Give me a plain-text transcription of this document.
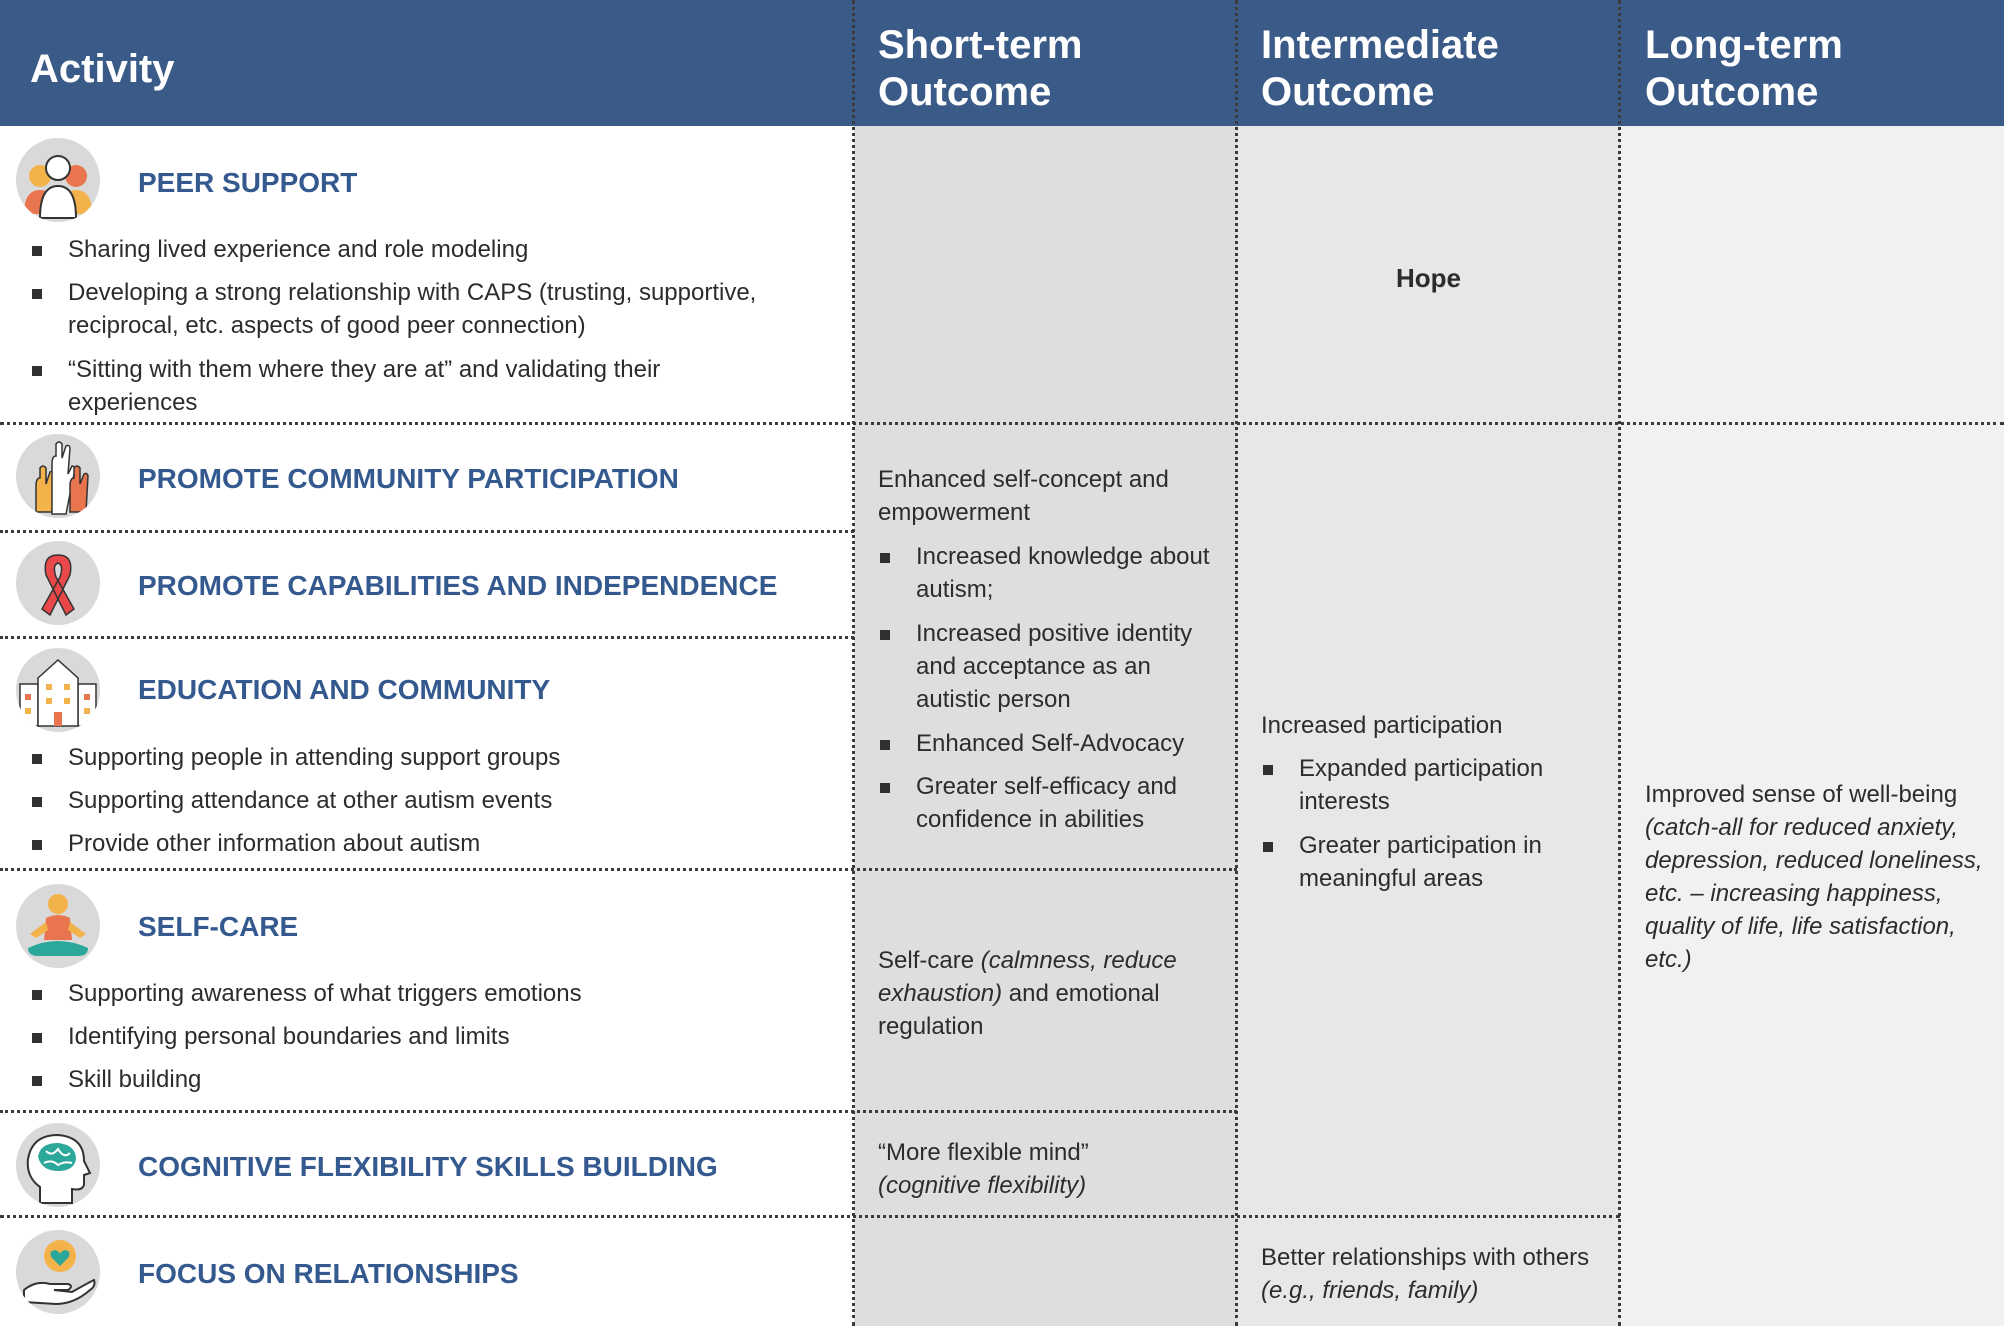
Activity
Short-term Outcome
Intermediate Outcome
Long-term Outcome
PEER SUPPORT
Sharing lived experience and role modeling
Developing a strong relationship with CAPS (trusting, supportive, reciprocal, etc. aspects of good peer connection)
“Sitting with them where they are at” and validating their experiences
Hope
PROMOTE COMMUNITY PARTICIPATION
PROMOTE CAPABILITIES AND INDEPENDENCE
EDUCATION AND COMMUNITY
Supporting people in attending support groups
Supporting attendance at other autism events
Provide other information about autism
Enhanced self-concept and empowerment
Increased knowledge about autism;
Increased positive identity and acceptance as an autistic person
Enhanced Self-Advocacy
Greater self-efficacy and confidence in abilities
Increased participation
Expanded participation interests
Greater participation in meaningful areas
Improved sense of well-being (catch-all for reduced anxiety, depression, reduced loneliness, etc. – increasing happiness, quality of life, life satisfaction, etc.)
SELF-CARE
Supporting awareness of what triggers emotions
Identifying personal boundaries and limits
Skill building
Self-care (calmness, reduce exhaustion) and emotional regulation
COGNITIVE FLEXIBILITY SKILLS BUILDING	“More flexible mind”
(cognitive flexibility)
FOCUS ON RELATIONSHIPS
Better relationships with others (e.g., friends, family)
